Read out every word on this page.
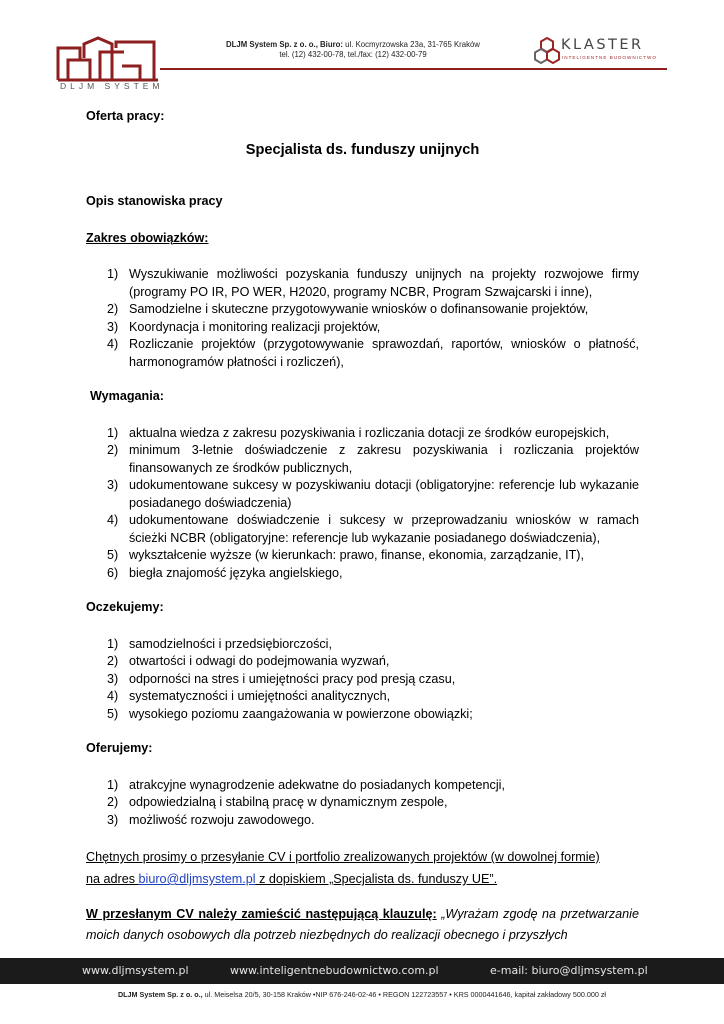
DLJM SYSTEM
DLJM System Sp. z o. o., Biuro: ul. Kocmyrzowska 23a, 31-765 Kraków
tel. (12) 432-00-78, tel./fax: (12) 432-00-79
KLASTER
INTELIGENTNE BUDOWNICTWO

Oferta pracy:

Specjalista ds. funduszy unijnych

Opis stanowiska pracy

Zakres obowiązków:

Wyszukiwanie możliwości pozyskania funduszy unijnych na projekty rozwojowe firmy (programy PO IR, PO WER, H2020, programy NCBR, Program Szwajcarski i inne),
Samodzielne i skuteczne przygotowywanie wniosków o dofinansowanie projektów,
Koordynacja i monitoring realizacji projektów,
Rozliczanie projektów (przygotowywanie sprawozdań, raportów, wniosków o płatność, harmonogramów płatności i rozliczeń),

Wymagania:

aktualna wiedza z zakresu pozyskiwania i rozliczania dotacji ze środków europejskich,
minimum 3-letnie doświadczenie z zakresu pozyskiwania i rozliczania projektów finansowanych ze środków publicznych,
udokumentowane sukcesy w pozyskiwaniu dotacji (obligatoryjne: referencje lub wykazanie posiadanego doświadczenia)
udokumentowane doświadczenie i sukcesy w przeprowadzaniu wniosków w ramach ścieżki NCBR (obligatoryjne: referencje lub wykazanie posiadanego doświadczenia),
wykształcenie wyższe (w kierunkach: prawo, finanse, ekonomia, zarządzanie, IT),
biegła znajomość języka angielskiego,

Oczekujemy:

samodzielności i przedsiębiorczości,
otwartości i odwagi do podejmowania wyzwań,
odporności na stres i umiejętności pracy pod presją czasu,
systematyczności i umiejętności analitycznych,
wysokiego poziomu zaangażowania w powierzone obowiązki;

Oferujemy:

atrakcyjne wynagrodzenie adekwatne do posiadanych kompetencji,
odpowiedzialną i stabilną pracę w dynamicznym zespole,
możliwość rozwoju zawodowego.
Chętnych prosimy o przesyłanie CV i portfolio zrealizowanych projektów (w dowolnej formie)
na adres biuro@dljmsystem.pl z dopiskiem „Specjalista ds. funduszy UE”.

W przesłanym CV należy zamieścić następującą klauzulę: „Wyrażam zgodę na przetwarzanie moich danych osobowych dla potrzeb niezbędnych do realizacji obecnego i przyszłych

www.dljmsystem.pl	www.inteligentnebudownictwo.com.pl	e-mail: biuro@dljmsystem.pl
DLJM System Sp. z o. o., ul. Meiselsa 20/5, 30-158 Kraków •NIP 676-246-02-46 • REGON 122723557 • KRS 0000441646, kapitał zakładowy 500.000 zł
